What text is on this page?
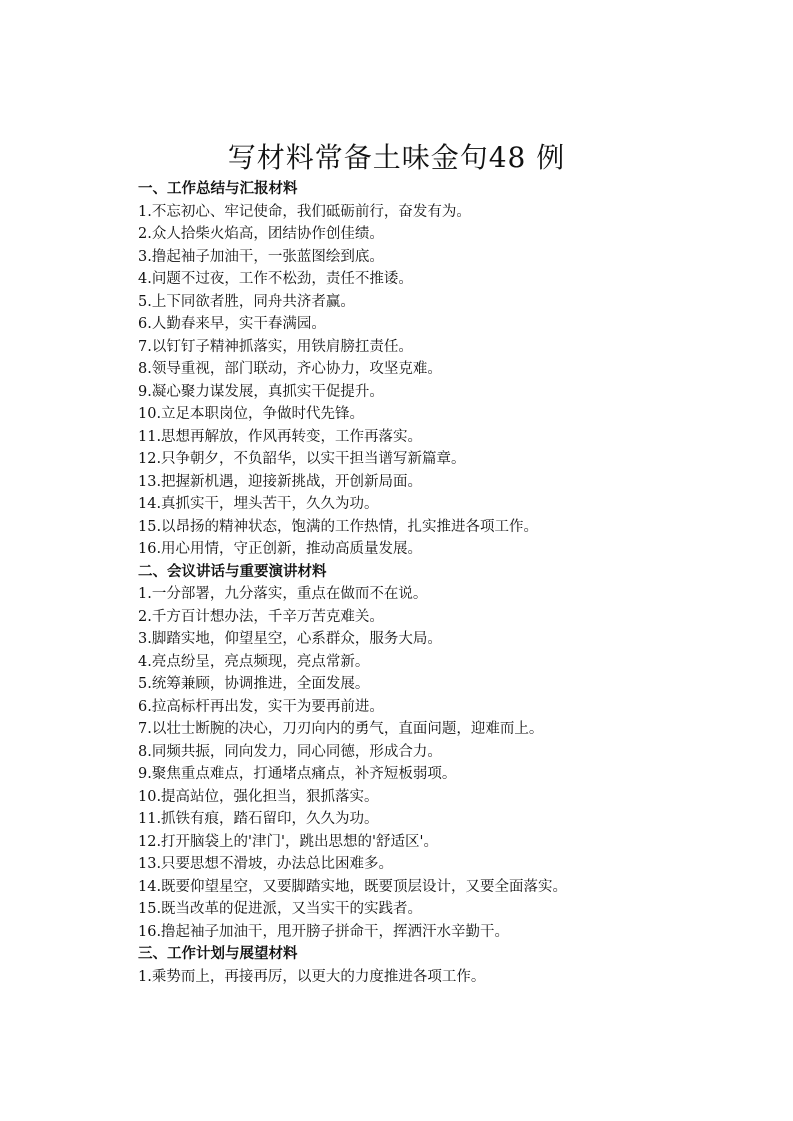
写材料常备土味金句48 例
一、工作总结与汇报材料
1.不忘初心、牢记使命，我们砥砺前行，奋发有为。
2.众人拾柴火焰高，团结协作创佳绩。
3.撸起袖子加油干，一张蓝图绘到底。
4.问题不过夜，工作不松劲，责任不推诿。
5.上下同欲者胜，同舟共济者赢。
6.人勤春来早，实干春满园。
7.以钉钉子精神抓落实，用铁肩膀扛责任。
8.领导重视，部门联动，齐心协力，攻坚克难。
9.凝心聚力谋发展，真抓实干促提升。
10.立足本职岗位，争做时代先锋。
11.思想再解放，作风再转变，工作再落实。
12.只争朝夕，不负韶华，以实干担当谱写新篇章。
13.把握新机遇，迎接新挑战，开创新局面。
14.真抓实干，埋头苦干，久久为功。
15.以昂扬的精神状态，饱满的工作热情，扎实推进各项工作。
16.用心用情，守正创新，推动高质量发展。
二、会议讲话与重要演讲材料
1.一分部署，九分落实，重点在做而不在说。
2.千方百计想办法，千辛万苦克难关。
3.脚踏实地，仰望星空，心系群众，服务大局。
4.亮点纷呈，亮点频现，亮点常新。
5.统筹兼顾，协调推进，全面发展。
6.拉高标杆再出发，实干为要再前进。
7.以壮士断腕的决心，刀刃向内的勇气，直面问题，迎难而上。
8.同频共振，同向发力，同心同德，形成合力。
9.聚焦重点难点，打通堵点痛点，补齐短板弱项。
10.提高站位，强化担当，狠抓落实。
11.抓铁有痕，踏石留印，久久为功。
12.打开脑袋上的'津门'，跳出思想的'舒适区'。
13.只要思想不滑坡，办法总比困难多。
14.既要仰望星空，又要脚踏实地，既要顶层设计，又要全面落实。
15.既当改革的促进派，又当实干的实践者。
16.撸起袖子加油干，甩开膀子拼命干，挥洒汗水辛勤干。
三、工作计划与展望材料
1.乘势而上，再接再厉，以更大的力度推进各项工作。
